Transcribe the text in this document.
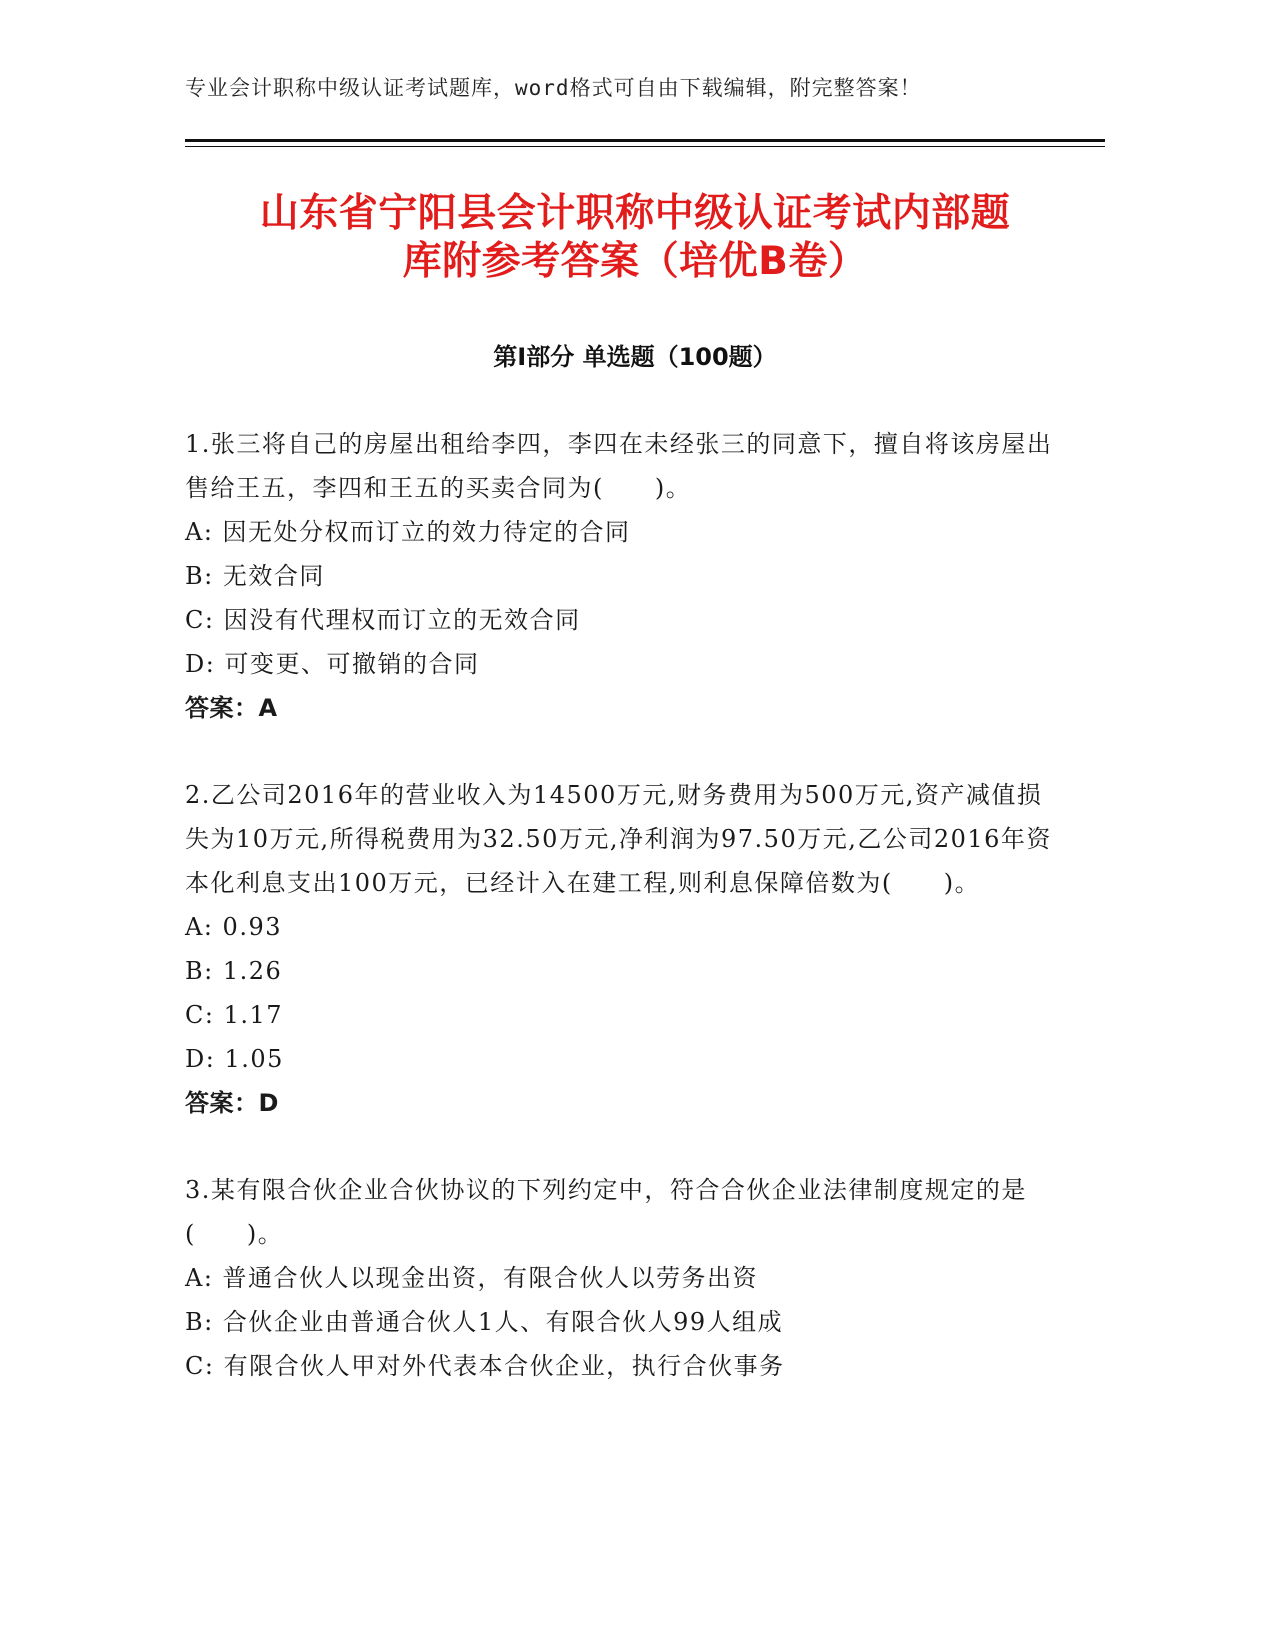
专业会计职称中级认证考试题库，word格式可自由下载编辑，附完整答案！
山东省宁阳县会计职称中级认证考试内部题
库附参考答案（培优B卷）
第Ⅰ部分 单选题（100题）

1.张三将自己的房屋出租给李四，李四在未经张三的同意下，擅自将该房屋出售给王五，李四和王五的买卖合同为(　　)。

A: 因无处分权而订立的效力待定的合同

B: 无效合同

C: 因没有代理权而订立的无效合同

D: 可变更、可撤销的合同

答案：A

2.乙公司2016年的营业收入为14500万元,财务费用为500万元,资产减值损失为10万元,所得税费用为32.50万元,净利润为97.50万元,乙公司2016年资本化利息支出100万元，已经计入在建工程,则利息保障倍数为(　　)。

A: 0.93

B: 1.26

C: 1.17

D: 1.05

答案：D

3.某有限合伙企业合伙协议的下列约定中，符合合伙企业法律制度规定的是(　　)。

A: 普通合伙人以现金出资，有限合伙人以劳务出资

B: 合伙企业由普通合伙人1人、有限合伙人99人组成

C: 有限合伙人甲对外代表本合伙企业，执行合伙事务
